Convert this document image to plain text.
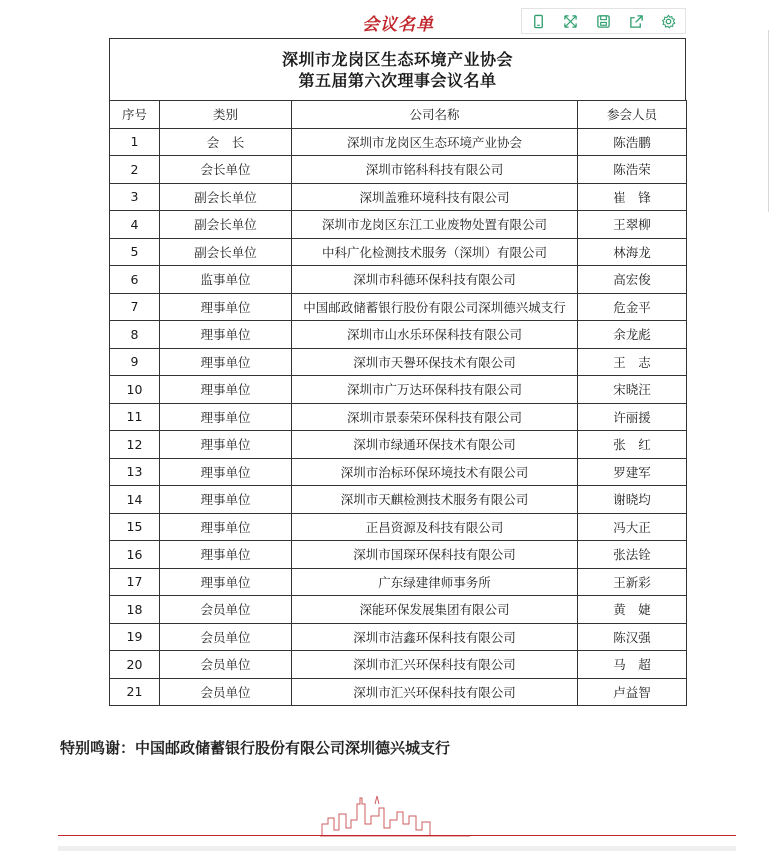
会议名单
深圳市龙岗区生态环境产业协会
第五届第六次理事会议名单
序号	类别	公司名称	参会人员
1	会　长	深圳市龙岗区生态环境产业协会	陈浩鹏
2	会长单位	深圳市铭科科技有限公司	陈浩荣
3	副会长单位	深圳盖雅环境科技有限公司	崔　锋
4	副会长单位	深圳市龙岗区东江工业废物处置有限公司	王翠柳
5	副会长单位	中科广化检测技术服务（深圳）有限公司	林海龙
6	监事单位	深圳市科德环保科技有限公司	高宏俊
7	理事单位	中国邮政储蓄银行股份有限公司深圳德兴城支行	危金平
8	理事单位	深圳市山水乐环保科技有限公司	余龙彪
9	理事单位	深圳市天譽环保技术有限公司	王　志
10	理事单位	深圳市广万达环保科技有限公司	宋晓汪
11	理事单位	深圳市景泰荣环保科技有限公司	许丽援
12	理事单位	深圳市绿通环保技术有限公司	张　红
13	理事单位	深圳市治标环保环境技术有限公司	罗建军
14	理事单位	深圳市天麒检测技术服务有限公司	谢晓均
15	理事单位	正昌资源及科技有限公司	冯大正
16	理事单位	深圳市国琛环保科技有限公司	张法铨
17	理事单位	广东绿建律师事务所	王新彩
18	会员单位	深能环保发展集团有限公司	黄　婕
19	会员单位	深圳市洁鑫环保科技有限公司	陈汉强
20	会员单位	深圳市汇兴环保科技有限公司	马　超
21	会员单位	深圳市汇兴环保科技有限公司	卢益智
特别鸣谢：中国邮政储蓄银行股份有限公司深圳德兴城支行
